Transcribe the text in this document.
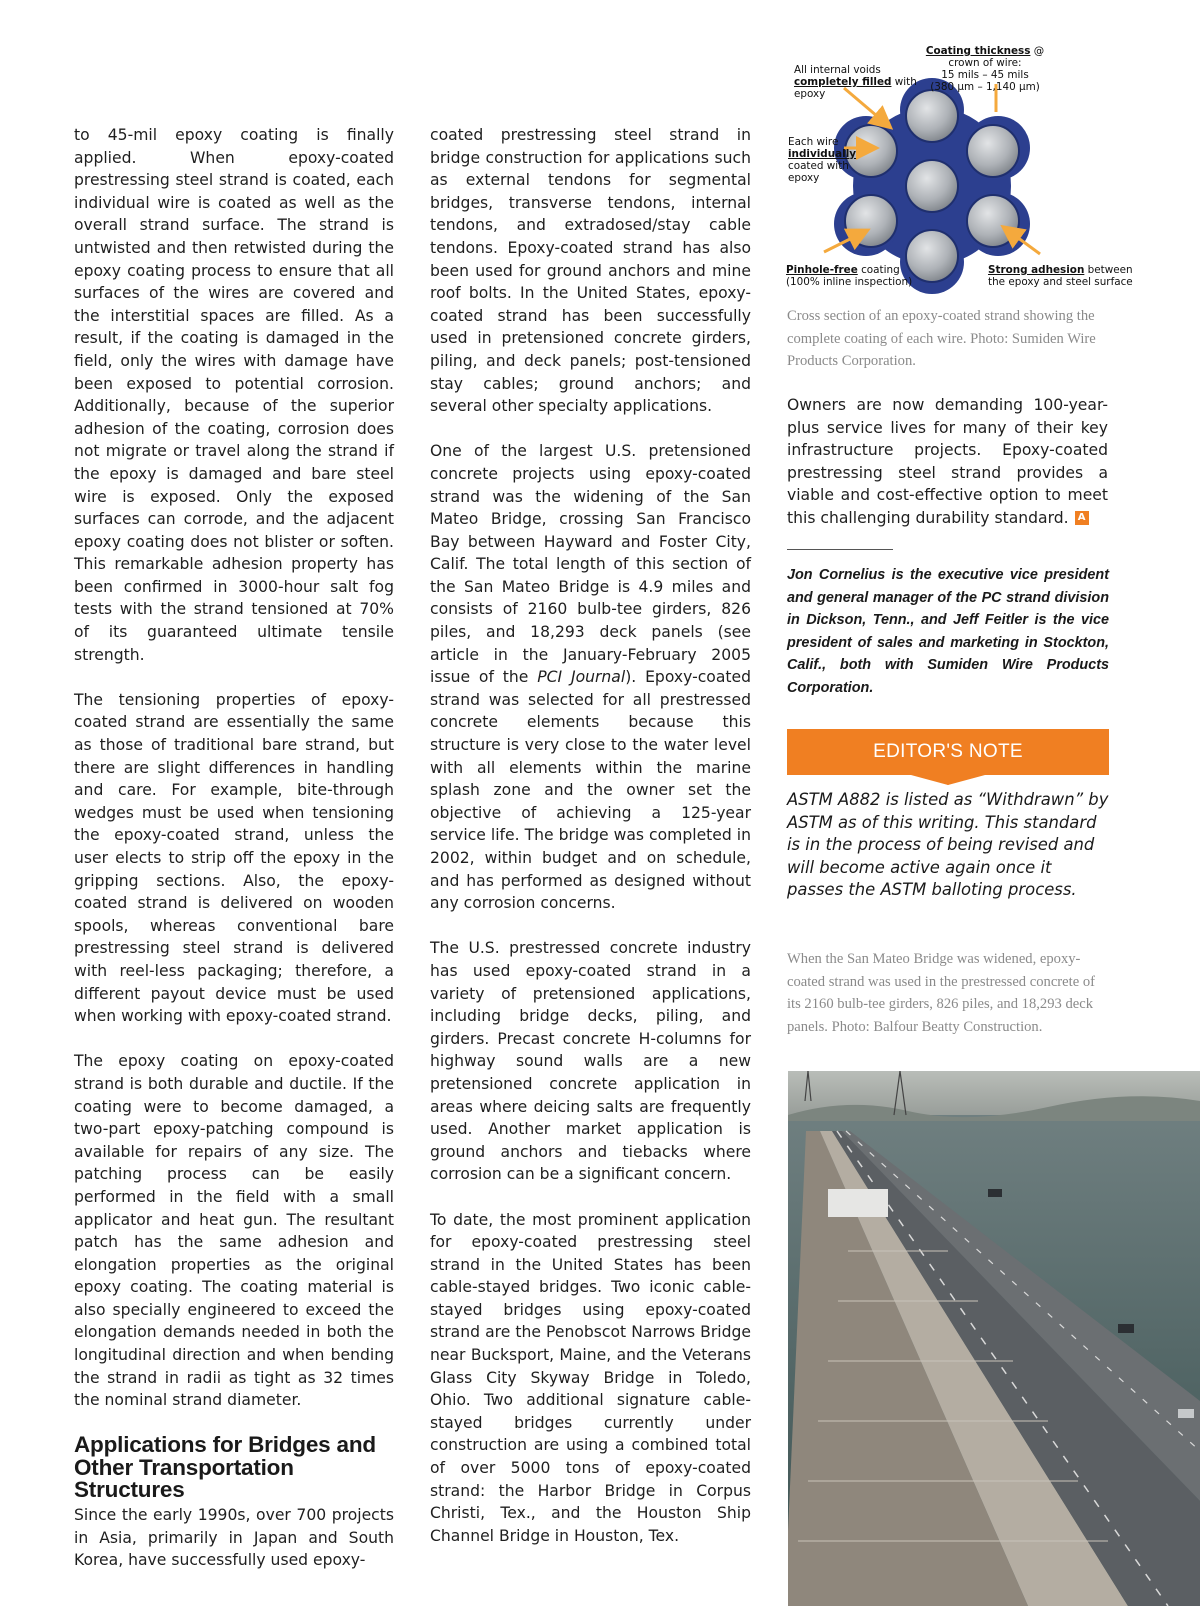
to 45-mil epoxy coating is finally applied. When epoxy-coated prestressing steel strand is coated, each individual wire is coated as well as the overall strand surface. The strand is untwisted and then retwisted during the epoxy coating process to ensure that all surfaces of the wires are covered and the interstitial spaces are filled. As a result, if the coating is damaged in the field, only the wires with damage have been exposed to potential corrosion. Additionally, because of the superior adhesion of the coating, corrosion does not migrate or travel along the strand if the epoxy is damaged and bare steel wire is exposed. Only the exposed surfaces can corrode, and the adjacent epoxy coating does not blister or soften. This remarkable adhesion property has been confirmed in 3000-hour salt fog tests with the strand tensioned at 70% of its guaranteed ultimate tensile strength.

The tensioning properties of epoxy-coated strand are essentially the same as those of traditional bare strand, but there are slight differences in handling and care. For example, bite-through wedges must be used when tensioning the epoxy-coated strand, unless the user elects to strip off the epoxy in the gripping sections. Also, the epoxy-coated strand is delivered on wooden spools, whereas conventional bare prestressing steel strand is delivered with reel-less packaging; therefore, a different payout device must be used when working with epoxy-coated strand.

The epoxy coating on epoxy-coated strand is both durable and ductile. If the coating were to become damaged, a two-part epoxy-patching compound is available for repairs of any size. The patching process can be easily performed in the field with a small applicator and heat gun. The resultant patch has the same adhesion and elongation properties as the original epoxy coating. The coating material is also specially engineered to exceed the elongation demands needed in both the longitudinal direction and when bending the strand in radii as tight as 32 times the nominal strand diameter.

Applications for Bridges and Other Transportation Structures

Since the early 1990s, over 700 projects in Asia, primarily in Japan and South Korea, have successfully used epoxy-

coated prestressing steel strand in bridge construction for applications such as external tendons for segmental bridges, transverse tendons, internal tendons, and extradosed/stay cable tendons. Epoxy-coated strand has also been used for ground anchors and mine roof bolts. In the United States, epoxy-coated strand has been successfully used in pretensioned concrete girders, piling, and deck panels; post-tensioned stay cables; ground anchors; and several other specialty applications.

One of the largest U.S. pretensioned concrete projects using epoxy-coated strand was the widening of the San Mateo Bridge, crossing San Francisco Bay between Hayward and Foster City, Calif. The total length of this section of the San Mateo Bridge is 4.9 miles and consists of 2160 bulb-tee girders, 826 piles, and 18,293 deck panels (see article in the January-February 2005 issue of the PCI Journal). Epoxy-coated strand was selected for all prestressed concrete elements because this structure is very close to the water level with all elements within the marine splash zone and the owner set the objective of achieving a 125-year service life. The bridge was completed in 2002, within budget and on schedule, and has performed as designed without any corrosion concerns.

The U.S. prestressed concrete industry has used epoxy-coated strand in a variety of pretensioned applications, including bridge decks, piling, and girders. Precast concrete H-columns for highway sound walls are a new pretensioned concrete application in areas where deicing salts are frequently used. Another market application is ground anchors and tiebacks where corrosion can be a significant concern.

To date, the most prominent application for epoxy-coated prestressing steel strand in the United States has been cable-stayed bridges. Two iconic cable-stayed bridges using epoxy-coated strand are the Penobscot Narrows Bridge near Bucksport, Maine, and the Veterans Glass City Skyway Bridge in Toledo, Ohio. Two additional signature cable-stayed bridges currently under construction are using a combined total of over 5000 tons of epoxy-coated strand: the Harbor Bridge in Corpus Christi, Tex., and the Houston Ship Channel Bridge in Houston, Tex.

Coating thickness @
crown of wire:
15 mils – 45 mils
(380 μm – 1,140 μm)
All internal voids
completely filled with
epoxy
Each wire
individually
coated with
epoxy
Pinhole-free coating
(100% inline inspection)
Strong adhesion between
the epoxy and steel surface
Cross section of an epoxy-coated strand showing the complete coating of each wire. Photo: Sumiden Wire Products Corporation.
Owners are now demanding 100-year-plus service lives for many of their key infrastructure projects. Epoxy-coated prestressing steel strand provides a viable and cost-effective option to meet this challenging durability standard. A
Jon Cornelius is the executive vice president and general manager of the PC strand division in Dickson, Tenn., and Jeff Feitler is the vice president of sales and marketing in Stockton, Calif., both with Sumiden Wire Products Corporation.
EDITOR'S NOTE
ASTM A882 is listed as “Withdrawn” by ASTM as of this writing. This standard is in the process of being revised and will become active again once it passes the ASTM balloting process.
When the San Mateo Bridge was widened, epoxy-coated strand was used in the prestressed concrete of its 2160 bulb-tee girders, 826 piles, and 18,293 deck panels. Photo: Balfour Beatty Construction.
